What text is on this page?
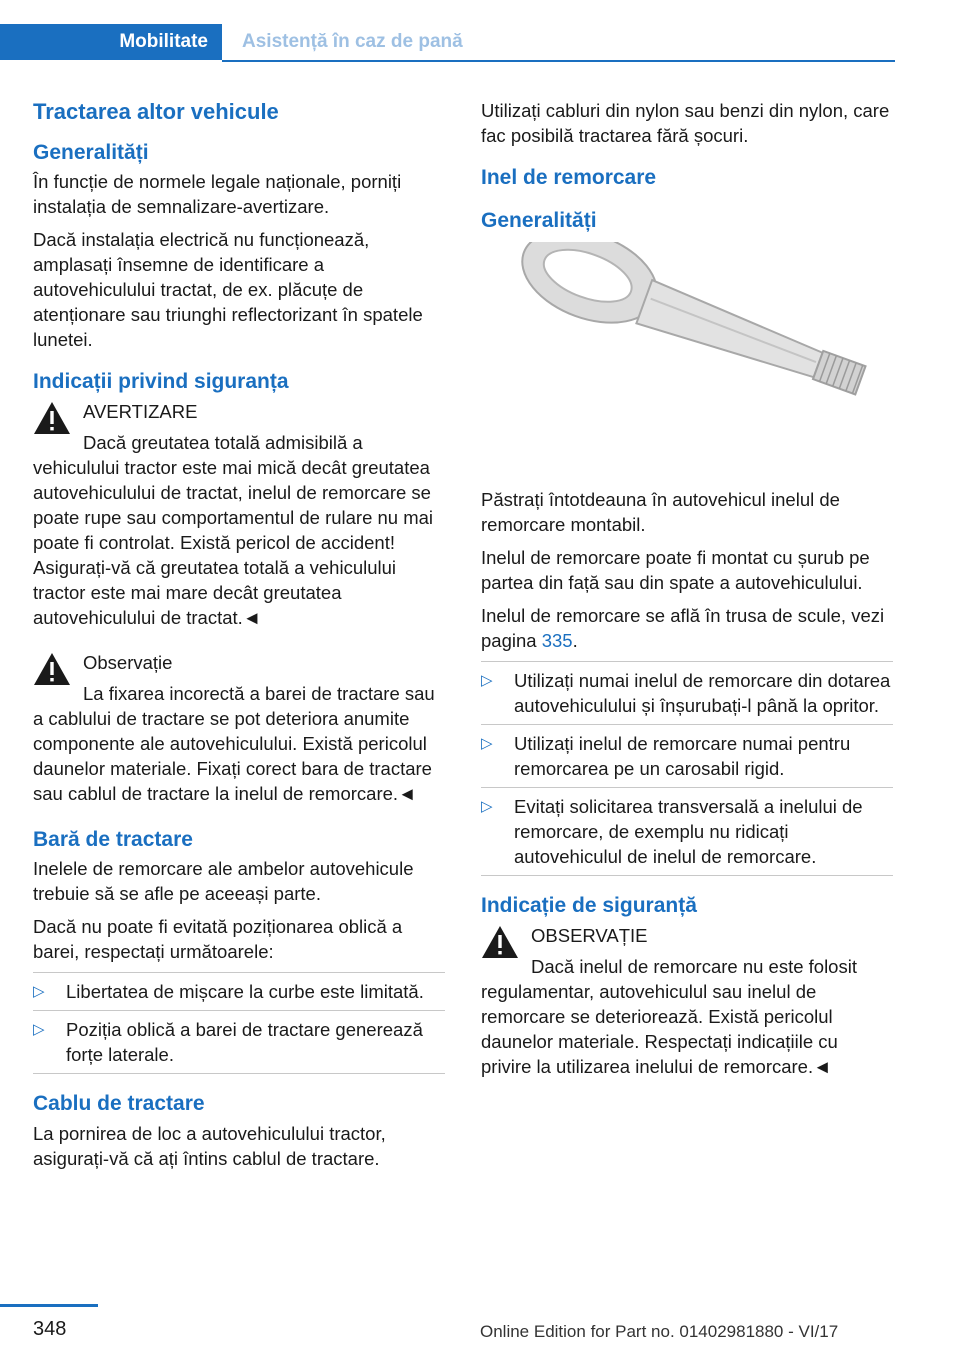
Mobilitate	Asistență în caz de pană
Tractarea altor vehicule
Generalități

În funcție de normele legale naționale, porniți instalația de semnalizare-avertizare.

Dacă instalația electrică nu funcționează, amplasați însemne de identificare a autovehiculului tractat, de ex. plăcuțe de atenționare sau triunghi reflectorizant în spatele lunetei.

Indicații privind siguranța
AVERTIZARE
Dacă greutatea totală admisibilă a vehiculului tractor este mai mică decât greutatea autovehiculului de tractat, inelul de remorcare se poate rupe sau comportamentul de rulare nu mai poate fi controlat. Există pericol de accident! Asigurați-vă că greutatea totală a vehiculului tractor este mai mare decât greutatea autovehiculului de tractat.◄
Observație
La fixarea incorectă a barei de tractare sau a cablului de tractare se pot deteriora anumite componente ale autovehiculului. Există pericolul daunelor materiale. Fixați corect bara de tractare sau cablul de tractare la inelul de remorcare.◄
Bară de tractare

Inelele de remorcare ale ambelor autovehicule trebuie să se afle pe aceeași parte.

Dacă nu poate fi evitată poziționarea oblică a barei, respectați următoarele:

▷ Libertatea de mișcare la curbe este limitată.
▷ Poziția oblică a barei de tractare generează forțe laterale.
Cablu de tractare

La pornirea de loc a autovehiculului tractor, asigurați-vă că ați întins cablul de tractare.

Utilizați cabluri din nylon sau benzi din nylon, care fac posibilă tractarea fără șocuri.

Inel de remorcare
Generalități

Păstrați întotdeauna în autovehicul inelul de remorcare montabil.

Inelul de remorcare poate fi montat cu șurub pe partea din față sau din spate a autovehiculului.

Inelul de remorcare se află în trusa de scule, vezi pagina 335.

▷ Utilizați numai inelul de remorcare din dotarea autovehiculului și înșurubați-l până la opritor.
▷ Utilizați inelul de remorcare numai pentru remorcarea pe un carosabil rigid.
▷ Evitați solicitarea transversală a inelului de remorcare, de exemplu nu ridicați autovehiculul de inelul de remorcare.
Indicație de siguranță
OBSERVAȚIE
Dacă inelul de remorcare nu este folosit regulamentar, autovehiculul sau inelul de remorcare se deteriorează. Există pericolul daunelor materiale. Respectați indicațiile cu privire la utilizarea inelului de remorcare.◄
348	Online Edition for Part no. 01402981880 - VI/17
